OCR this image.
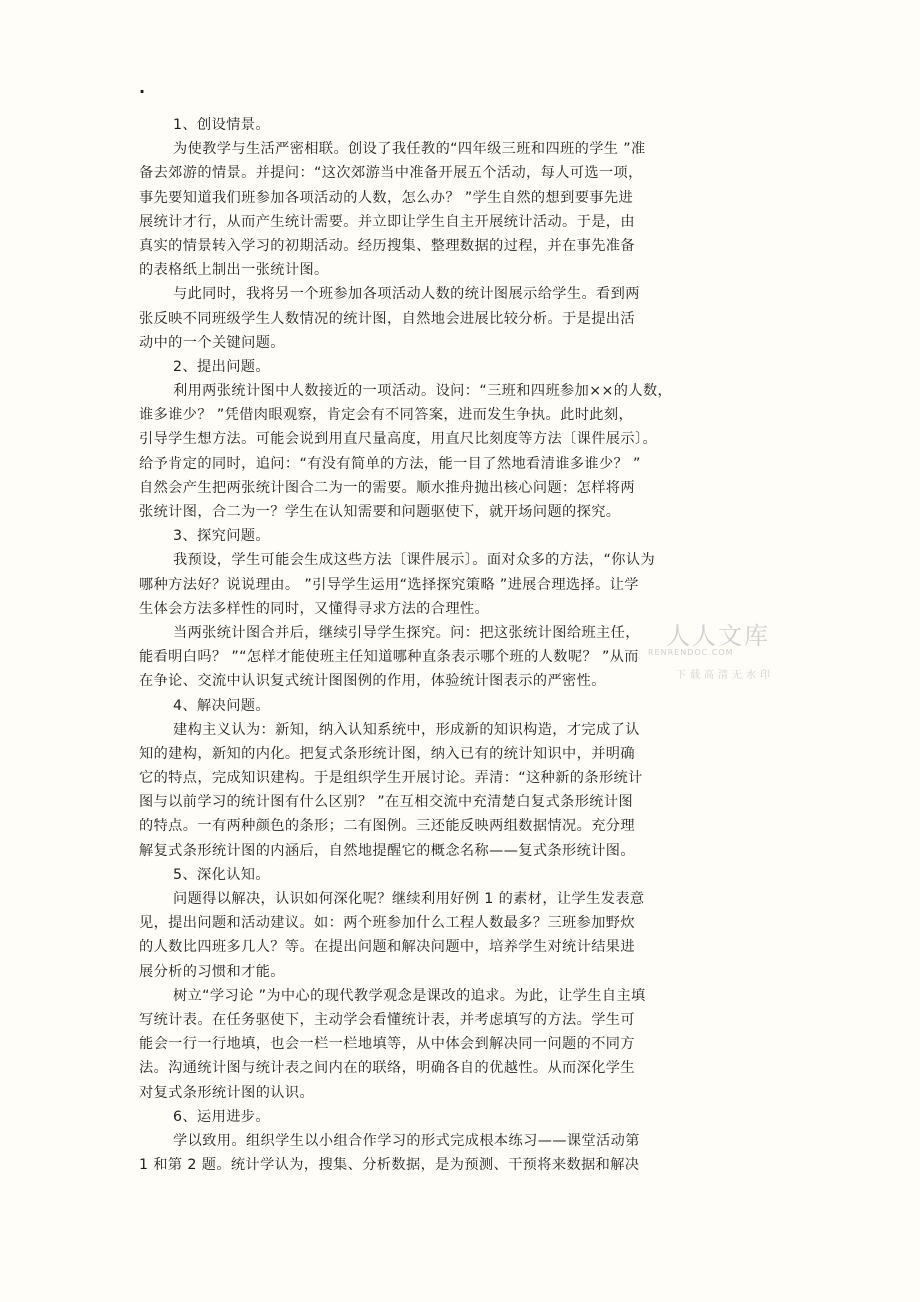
.
1、创设情景。
为使教学与生活严密相联。创设了我任教的“四年级三班和四班的学生 ”准
备去郊游的情景。并提问：“这次郊游当中准备开展五个活动，每人可选一项，
事先要知道我们班参加各项活动的人数，怎么办？ ”学生自然的想到要事先进
展统计才行，从而产生统计需要。并立即让学生自主开展统计活动。于是，由
真实的情景转入学习的初期活动。经历搜集、整理数据的过程，并在事先准备
的表格纸上制出一张统计图。
与此同时，我将另一个班参加各项活动人数的统计图展示给学生。看到两
张反映不同班级学生人数情况的统计图，自然地会进展比较分析。于是提出活
动中的一个关键问题。
2、提出问题。
利用两张统计图中人数接近的一项活动。设问：“三班和四班参加××的人数，
谁多谁少？ ”凭借肉眼观察，肯定会有不同答案，进而发生争执。此时此刻，
引导学生想方法。可能会说到用直尺量高度，用直尺比刻度等方法〔课件展示〕。
给予肯定的同时，追问：“有没有简单的方法，能一目了然地看清谁多谁少？ ”
自然会产生把两张统计图合二为一的需要。顺水推舟抛出核心问题：怎样将两
张统计图，合二为一？学生在认知需要和问题驱使下，就开场问题的探究。
3、探究问题。
我预设，学生可能会生成这些方法〔课件展示〕。面对众多的方法，“你认为
哪种方法好？说说理由。 ”引导学生运用“选择探究策略 ”进展合理选择。让学
生体会方法多样性的同时，又懂得寻求方法的合理性。
当两张统计图合并后，继续引导学生探究。问：把这张统计图给班主任，
能看明白吗？ ”“怎样才能使班主任知道哪种直条表示哪个班的人数呢？ ”从而
在争论、交流中认识复式统计图图例的作用，体验统计图表示的严密性。
4、解决问题。
建构主义认为：新知，纳入认知系统中，形成新的知识构造，才完成了认
知的建构，新知的内化。把复式条形统计图，纳入已有的统计知识中，并明确
它的特点，完成知识建构。于是组织学生开展讨论。弄清：“这种新的条形统计
图与以前学习的统计图有什么区别？ ”在互相交流中充清楚白复式条形统计图
的特点。一有两种颜色的条形；二有图例。三还能反映两组数据情况。充分理
解复式条形统计图的内涵后，自然地提醒它的概念名称——复式条形统计图。
5、深化认知。
问题得以解决，认识如何深化呢？继续利用好例 1 的素材，让学生发表意
见，提出问题和活动建议。如：两个班参加什么工程人数最多？三班参加野炊
的人数比四班多几人？等。在提出问题和解决问题中，培养学生对统计结果进
展分析的习惯和才能。
树立“学习论 ”为中心的现代教学观念是课改的追求。为此，让学生自主填
写统计表。在任务驱使下，主动学会看懂统计表，并考虑填写的方法。学生可
能会一行一行地填，也会一栏一栏地填等，从中体会到解决同一问题的不同方
法。沟通统计图与统计表之间内在的联络，明确各自的优越性。从而深化学生
对复式条形统计图的认识。
6、运用进步。
学以致用。组织学生以小组合作学习的形式完成根本练习——课堂活动第
1 和第 2 题。统计学认为，搜集、分析数据，是为预测、干预将来数据和解决
人人文库
RENRENDOC.COM
下载高清无水印
